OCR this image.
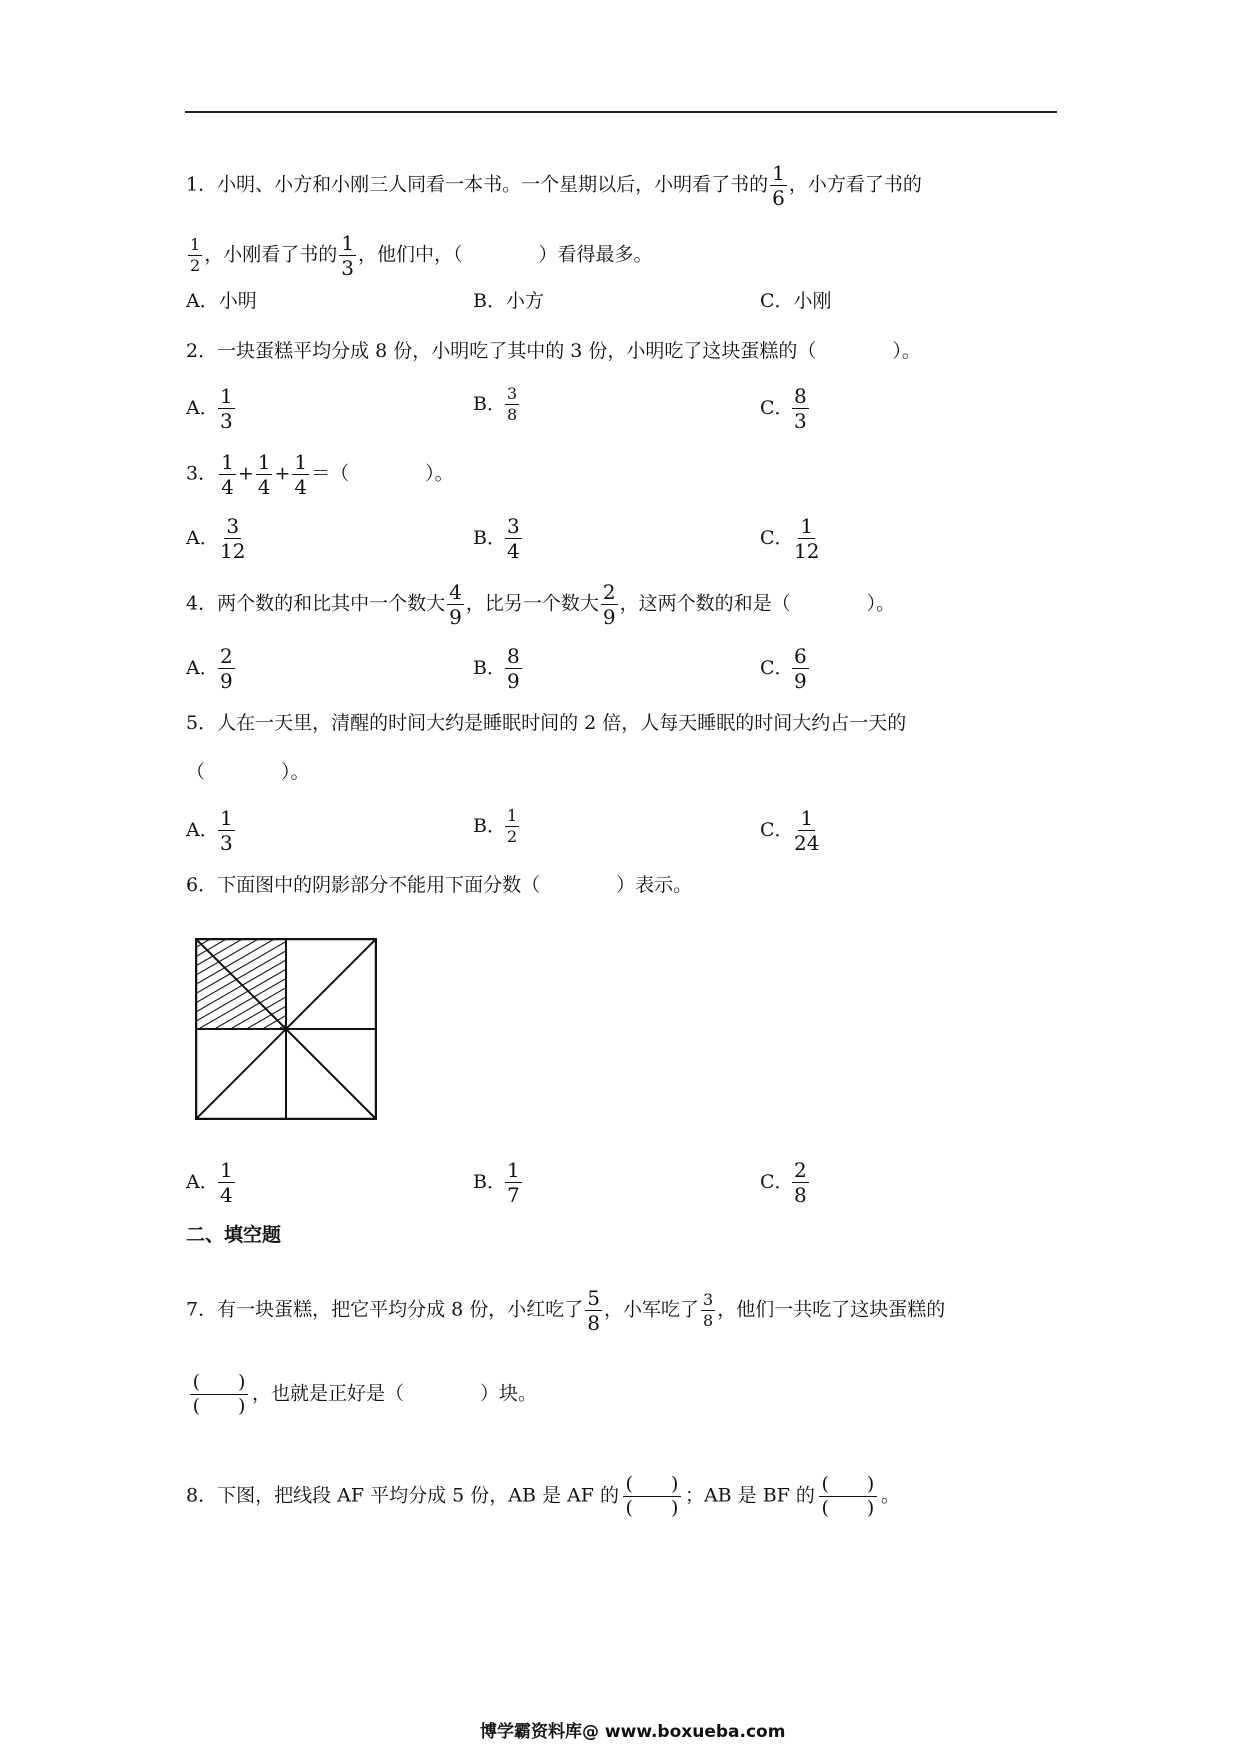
1．小明、小方和小刚三人同看一本书。一个星期以后，小明看了书的 $\frac{1}{6}$ ，小方看了书的
$\frac{1}{2}$ ，小刚看了书的 $\frac{1}{3}$ ，他们中，（　　　　）看得最多。
A．小明	B．小方	C．小刚
2．一块蛋糕平均分成 8 份，小明吃了其中的 3 份，小明吃了这块蛋糕的（　　　　）。
A． $\frac{1}{3}$	B． $\frac{3}{8}$	C．
$\frac{8}{3}$
3． $\frac{1}{4} + \frac{1}{4} + \frac{1}{4}$ ＝（　　　　）。
A． $\frac{3}{12}$	B． $\frac{3}{4}$	C．
$\frac{1}{12}$
4．两个数的和比其中一个数大 $\frac{4}{9}$ ，比另一个数大 $\frac{2}{9}$ ，这两个数的和是（　　　　）。
A． $\frac{2}{9}$	B． $\frac{8}{9}$	C．
$\frac{6}{9}$
5．人在一天里，清醒的时间大约是睡眠时间的 2 倍，人每天睡眠的时间大约占一天的
（　　　　）。
A． $\frac{1}{3}$	B． $\frac{1}{2}$	C．
$\frac{1}{24}$
6．下面图中的阴影部分不能用下面分数（　　　　）表示。
A． $\frac{1}{4}$	B． $\frac{1}{7}$	C．
$\frac{2}{8}$
二、填空题
7．有一块蛋糕，把它平均分成 8 份，小红吃了 $\frac{5}{8}$ ，小军吃了 $\frac{3}{8}$ ，他们一共吃了这块蛋糕的
$\frac{( )}{( )}$ ，也就是正好是（　　　　）块。
8．下图，把线段 AF 平均分成 5 份，AB 是 AF 的 $\frac{( )}{( )}$ ；AB 是 BF 的 $\frac{( )}{( )}$ 。
博学霸资料库@ www.boxueba.com
